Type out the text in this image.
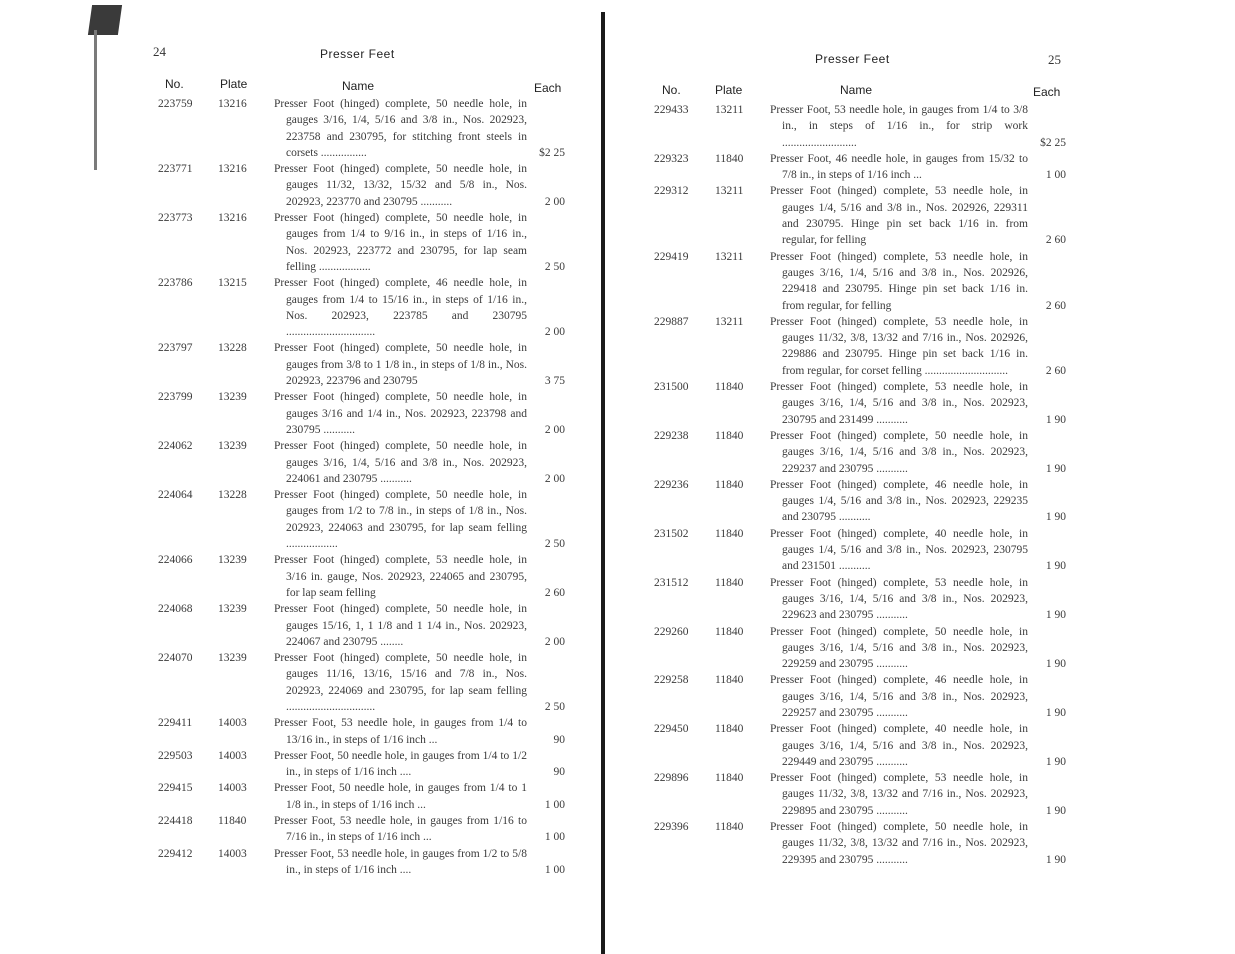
24	Presser Feet
No.	Plate	Name	Each
223759 13216 Presser Foot (hinged) complete, 50 needle hole, in gauges 3/16, 1/4, 5/16 and 3/8 in., Nos. 202923, 223758 and 230795, for stitching front steels in corsets ................	$2 25
223771 13216 Presser Foot (hinged) complete, 50 needle hole, in gauges 11/32, 13/32, 15/32 and 5/8 in., Nos. 202923, 223770 and 230795 ...........	2 00
223773 13216 Presser Foot (hinged) complete, 50 needle hole, in gauges from 1/4 to 9/16 in., in steps of 1/16 in., Nos. 202923, 223772 and 230795, for lap seam felling ..................	2 50
223786 13215 Presser Foot (hinged) complete, 46 needle hole, in gauges from 1/4 to 15/16 in., in steps of 1/16 in., Nos. 202923, 223785 and 230795 ...............................	2 00
223797 13228 Presser Foot (hinged) complete, 50 needle hole, in gauges from 3/8 to 1 1/8 in., in steps of 1/8 in., Nos. 202923, 223796 and 230795	3 75
223799 13239 Presser Foot (hinged) complete, 50 needle hole, in gauges 3/16 and 1/4 in., Nos. 202923, 223798 and 230795 ...........	2 00
224062 13239 Presser Foot (hinged) complete, 50 needle hole, in gauges 3/16, 1/4, 5/16 and 3/8 in., Nos. 202923, 224061 and 230795 ...........	2 00
224064 13228 Presser Foot (hinged) complete, 50 needle hole, in gauges from 1/2 to 7/8 in., in steps of 1/8 in., Nos. 202923, 224063 and 230795, for lap seam felling ..................	2 50
224066 13239 Presser Foot (hinged) complete, 53 needle hole, in 3/16 in. gauge, Nos. 202923, 224065 and 230795, for lap seam felling	2 60
224068 13239 Presser Foot (hinged) complete, 50 needle hole, in gauges 15/16, 1, 1 1/8 and 1 1/4 in., Nos. 202923, 224067 and 230795 ........	2 00
224070 13239 Presser Foot (hinged) complete, 50 needle hole, in gauges 11/16, 13/16, 15/16 and 7/8 in., Nos. 202923, 224069 and 230795, for lap seam felling ...............................	2 50
229411 14003 Presser Foot, 53 needle hole, in gauges from 1/4 to 13/16 in., in steps of 1/16 inch ...	90
229503 14003 Presser Foot, 50 needle hole, in gauges from 1/4 to 1/2 in., in steps of 1/16 inch ....	90
229415 14003 Presser Foot, 50 needle hole, in gauges from 1/4 to 1 1/8 in., in steps of 1/16 inch ...	1 00
224418 11840 Presser Foot, 53 needle hole, in gauges from 1/16 to 7/16 in., in steps of 1/16 inch ...	1 00
229412 14003 Presser Foot, 53 needle hole, in gauges from 1/2 to 5/8 in., in steps of 1/16 inch ....	1 00
Presser Feet	25
No.	Plate	Name	Each
229433 13211 Presser Foot, 53 needle hole, in gauges from 1/4 to 3/8 in., in steps of 1/16 in., for strip work ..........................	$2 25
229323 11840 Presser Foot, 46 needle hole, in gauges from 15/32 to 7/8 in., in steps of 1/16 inch ...	1 00
229312 13211 Presser Foot (hinged) complete, 53 needle hole, in gauges 1/4, 5/16 and 3/8 in., Nos. 202926, 229311 and 230795. Hinge pin set back 1/16 in. from regular, for felling	2 60
229419 13211 Presser Foot (hinged) complete, 53 needle hole, in gauges 3/16, 1/4, 5/16 and 3/8 in., Nos. 202926, 229418 and 230795. Hinge pin set back 1/16 in. from regular, for felling	2 60
229887 13211 Presser Foot (hinged) complete, 53 needle hole, in gauges 11/32, 3/8, 13/32 and 7/16 in., Nos. 202926, 229886 and 230795. Hinge pin set back 1/16 in. from regular, for corset felling .............................	2 60
231500 11840 Presser Foot (hinged) complete, 53 needle hole, in gauges 3/16, 1/4, 5/16 and 3/8 in., Nos. 202923, 230795 and 231499 ...........	1 90
229238 11840 Presser Foot (hinged) complete, 50 needle hole, in gauges 3/16, 1/4, 5/16 and 3/8 in., Nos. 202923, 229237 and 230795 ...........	1 90
229236 11840 Presser Foot (hinged) complete, 46 needle hole, in gauges 1/4, 5/16 and 3/8 in., Nos. 202923, 229235 and 230795 ...........	1 90
231502 11840 Presser Foot (hinged) complete, 40 needle hole, in gauges 1/4, 5/16 and 3/8 in., Nos. 202923, 230795 and 231501 ...........	1 90
231512 11840 Presser Foot (hinged) complete, 53 needle hole, in gauges 3/16, 1/4, 5/16 and 3/8 in., Nos. 202923, 229623 and 230795 ...........	1 90
229260 11840 Presser Foot (hinged) complete, 50 needle hole, in gauges 3/16, 1/4, 5/16 and 3/8 in., Nos. 202923, 229259 and 230795 ...........	1 90
229258 11840 Presser Foot (hinged) complete, 46 needle hole, in gauges 3/16, 1/4, 5/16 and 3/8 in., Nos. 202923, 229257 and 230795 ...........	1 90
229450 11840 Presser Foot (hinged) complete, 40 needle hole, in gauges 3/16, 1/4, 5/16 and 3/8 in., Nos. 202923, 229449 and 230795 ...........	1 90
229896 11840 Presser Foot (hinged) complete, 53 needle hole, in gauges 11/32, 3/8, 13/32 and 7/16 in., Nos. 202923, 229895 and 230795 ...........	1 90
229396 11840 Presser Foot (hinged) complete, 50 needle hole, in gauges 11/32, 3/8, 13/32 and 7/16 in., Nos. 202923, 229395 and 230795 ...........	1 90
